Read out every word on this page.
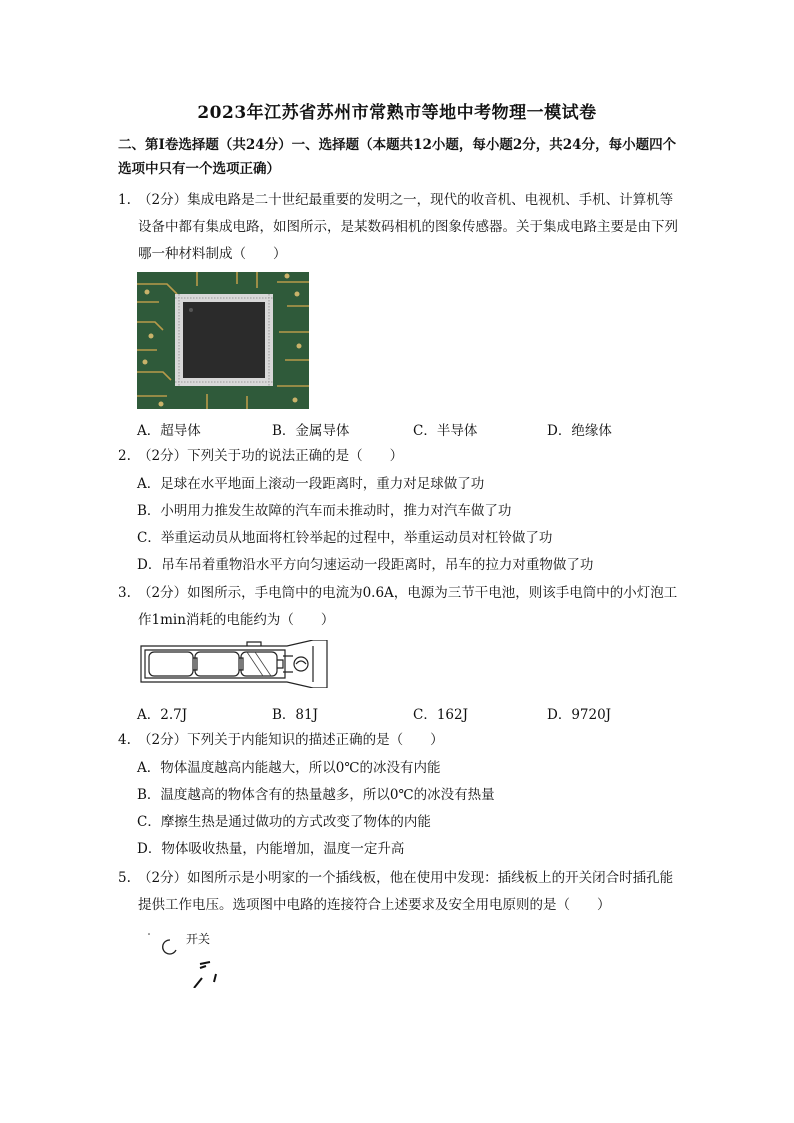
2023年江苏省苏州市常熟市等地中考物理一模试卷
二、第I卷选择题（共24分）一、选择题（本题共12小题，每小题2分，共24分，每小题四个选项中只有一个选项正确）
1. （2分）集成电路是二十世纪最重要的发明之一，现代的收音机、电视机、手机、计算机等设备中都有集成电路，如图所示，是某数码相机的图象传感器。关于集成电路主要是由下列哪一种材料制成（　　）
A．超导体	B．金属导体	C．半导体	D．绝缘体
2. （2分）下列关于功的说法正确的是（　　）
A．足球在水平地面上滚动一段距离时，重力对足球做了功
B．小明用力推发生故障的汽车而未推动时，推力对汽车做了功
C．举重运动员从地面将杠铃举起的过程中，举重运动员对杠铃做了功
D．吊车吊着重物沿水平方向匀速运动一段距离时，吊车的拉力对重物做了功
3. （2分）如图所示，手电筒中的电流为0.6A，电源为三节干电池，则该手电筒中的小灯泡工作1min消耗的电能约为（　　）
A．2.7J	B．81J	C．162J	D．9720J
4. （2分）下列关于内能知识的描述正确的是（　　）
A．物体温度越高内能越大，所以0℃的冰没有内能
B．温度越高的物体含有的热量越多，所以0℃的冰没有热量
C．摩擦生热是通过做功的方式改变了物体的内能
D．物体吸收热量，内能增加，温度一定升高
5. （2分）如图所示是小明家的一个插线板，他在使用中发现：插线板上的开关闭合时插孔能提供工作电压。选项图中电路的连接符合上述要求及安全用电原则的是（　　）
开关
